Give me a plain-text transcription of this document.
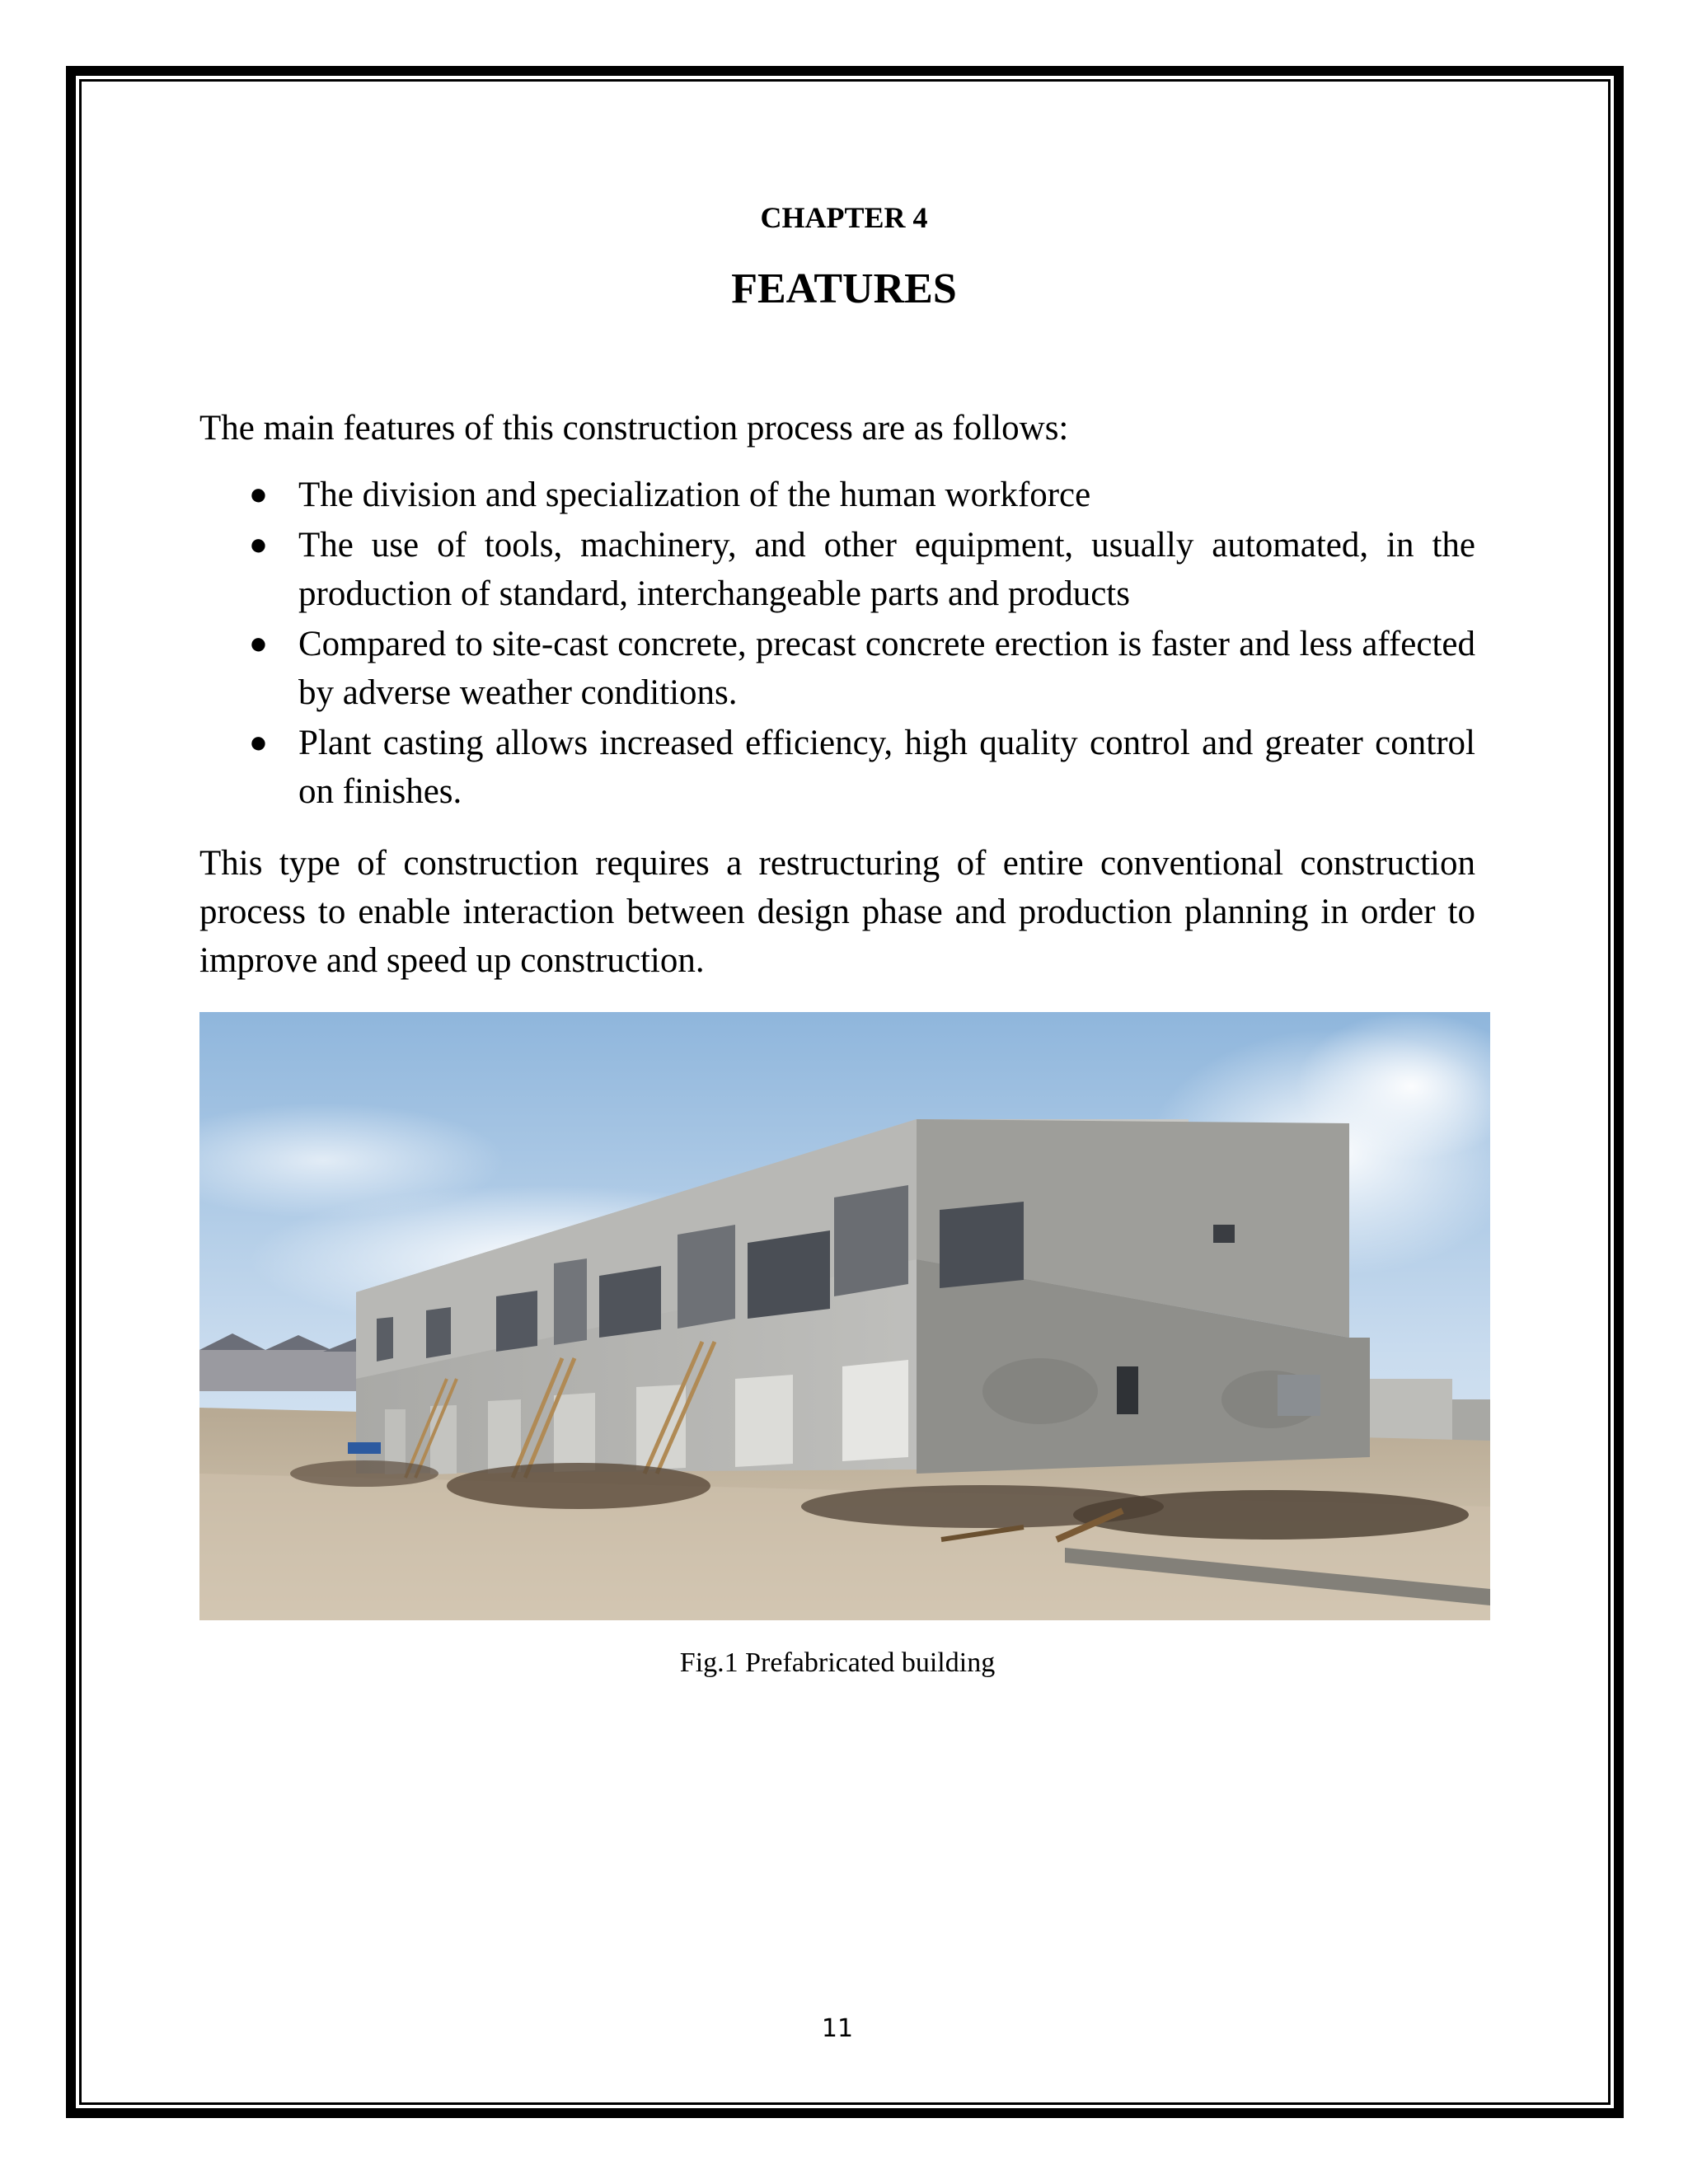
CHAPTER 4
FEATURES

The main features of this construction process are as follows:

● The division and specialization of the human workforce
● The use of tools, machinery, and other equipment, usually automated, in the production of standard, interchangeable parts and products
● Compared to site-cast concrete, precast concrete erection is faster and less affected by adverse weather conditions.
● Plant casting allows increased efficiency, high quality control and greater control on finishes.

This type of construction requires a restructuring of entire conventional construction process to enable interaction between design phase and production planning in order to improve and speed up construction.

Fig.1 Prefabricated building
11
